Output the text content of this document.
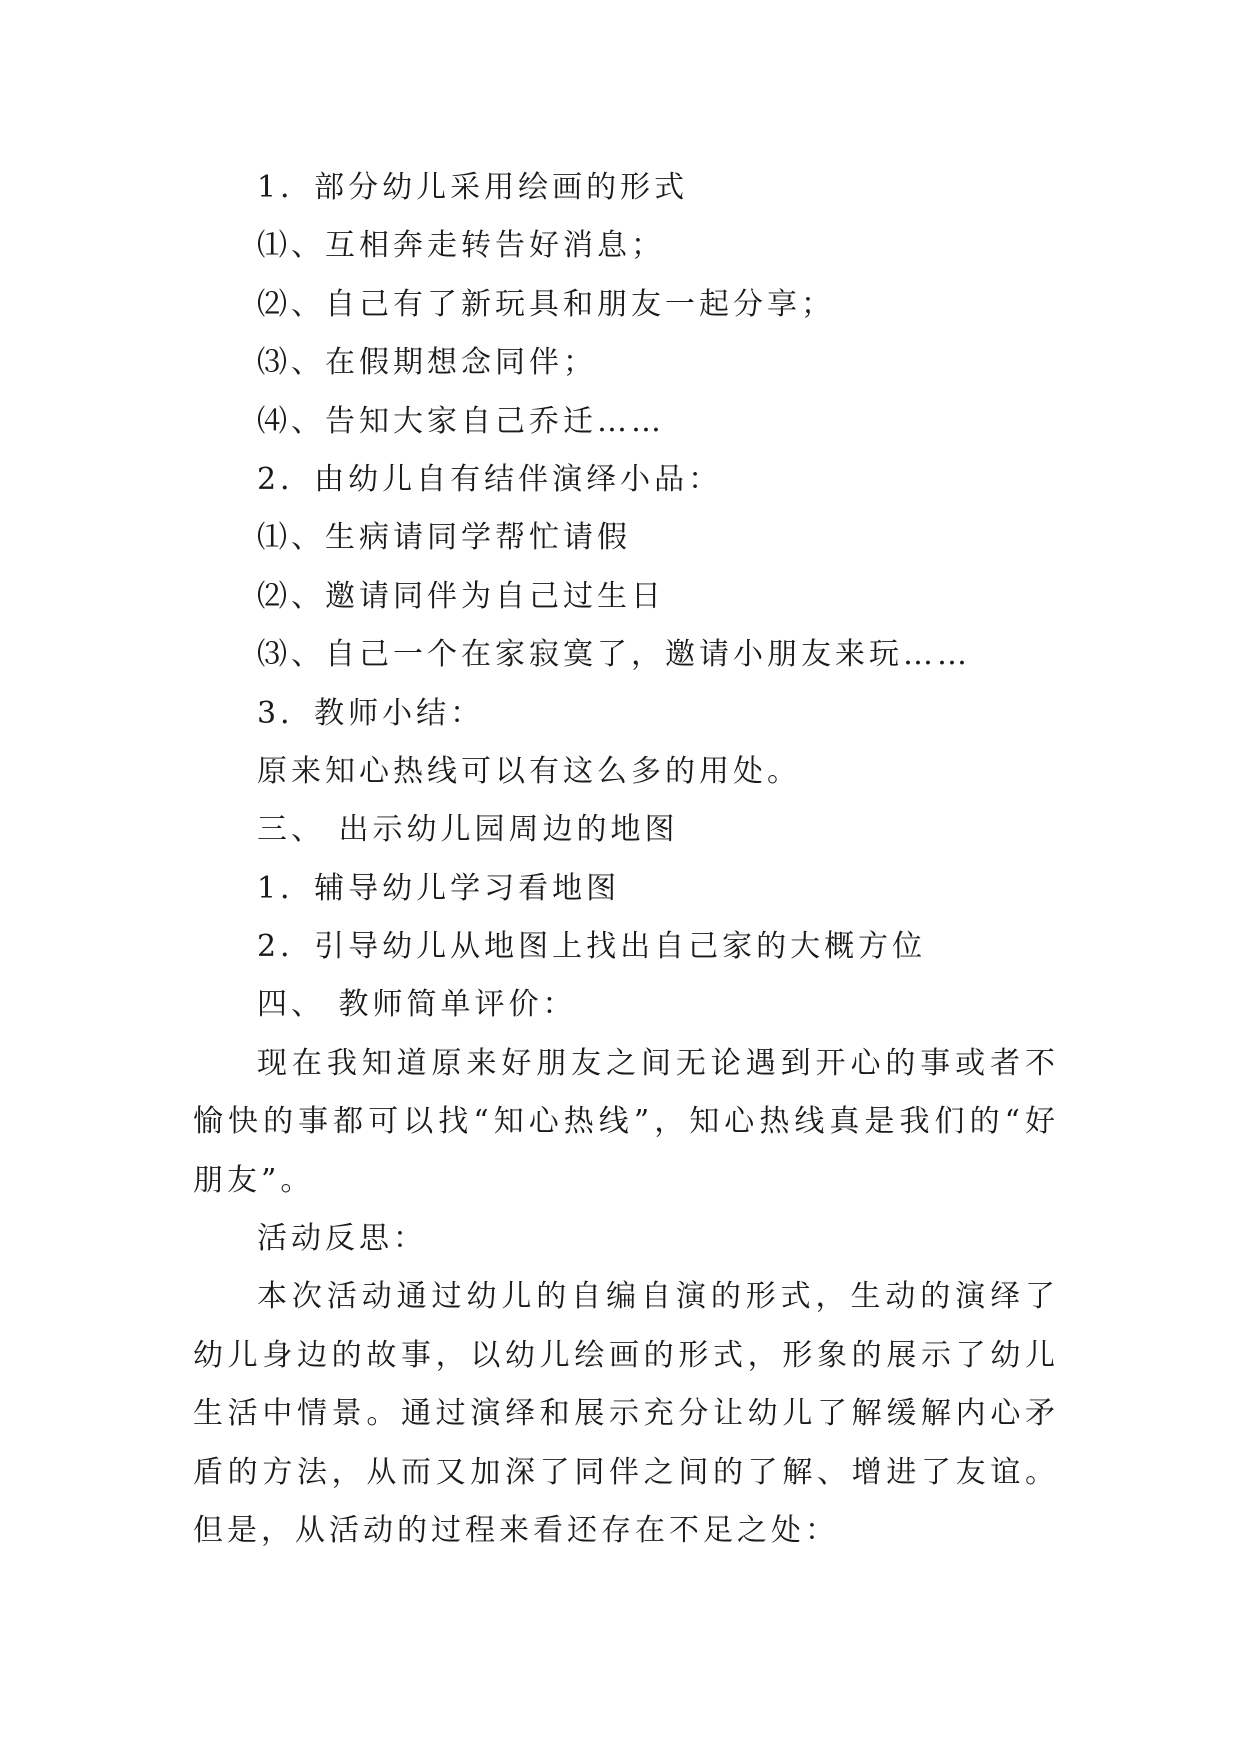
1．部分幼儿采用绘画的形式

⑴、互相奔走转告好消息；

⑵、自己有了新玩具和朋友一起分享；

⑶、在假期想念同伴；

⑷、告知大家自己乔迁……

2．由幼儿自有结伴演绎小品：

⑴、生病请同学帮忙请假

⑵、邀请同伴为自己过生日

⑶、自己一个在家寂寞了，邀请小朋友来玩……

3．教师小结：

原来知心热线可以有这么多的用处。

三、 出示幼儿园周边的地图

1．辅导幼儿学习看地图

2．引导幼儿从地图上找出自己家的大概方位

四、 教师简单评价：

现在我知道原来好朋友之间无论遇到开心的事或者不愉快的事都可以找“知心热线”，知心热线真是我们的“好朋友”。

活动反思：

本次活动通过幼儿的自编自演的形式，生动的演绎了幼儿身边的故事，以幼儿绘画的形式，形象的展示了幼儿生活中情景。通过演绎和展示充分让幼儿了解缓解内心矛盾的方法，从而又加深了同伴之间的了解、增进了友谊。但是，从活动的过程来看还存在不足之处：
